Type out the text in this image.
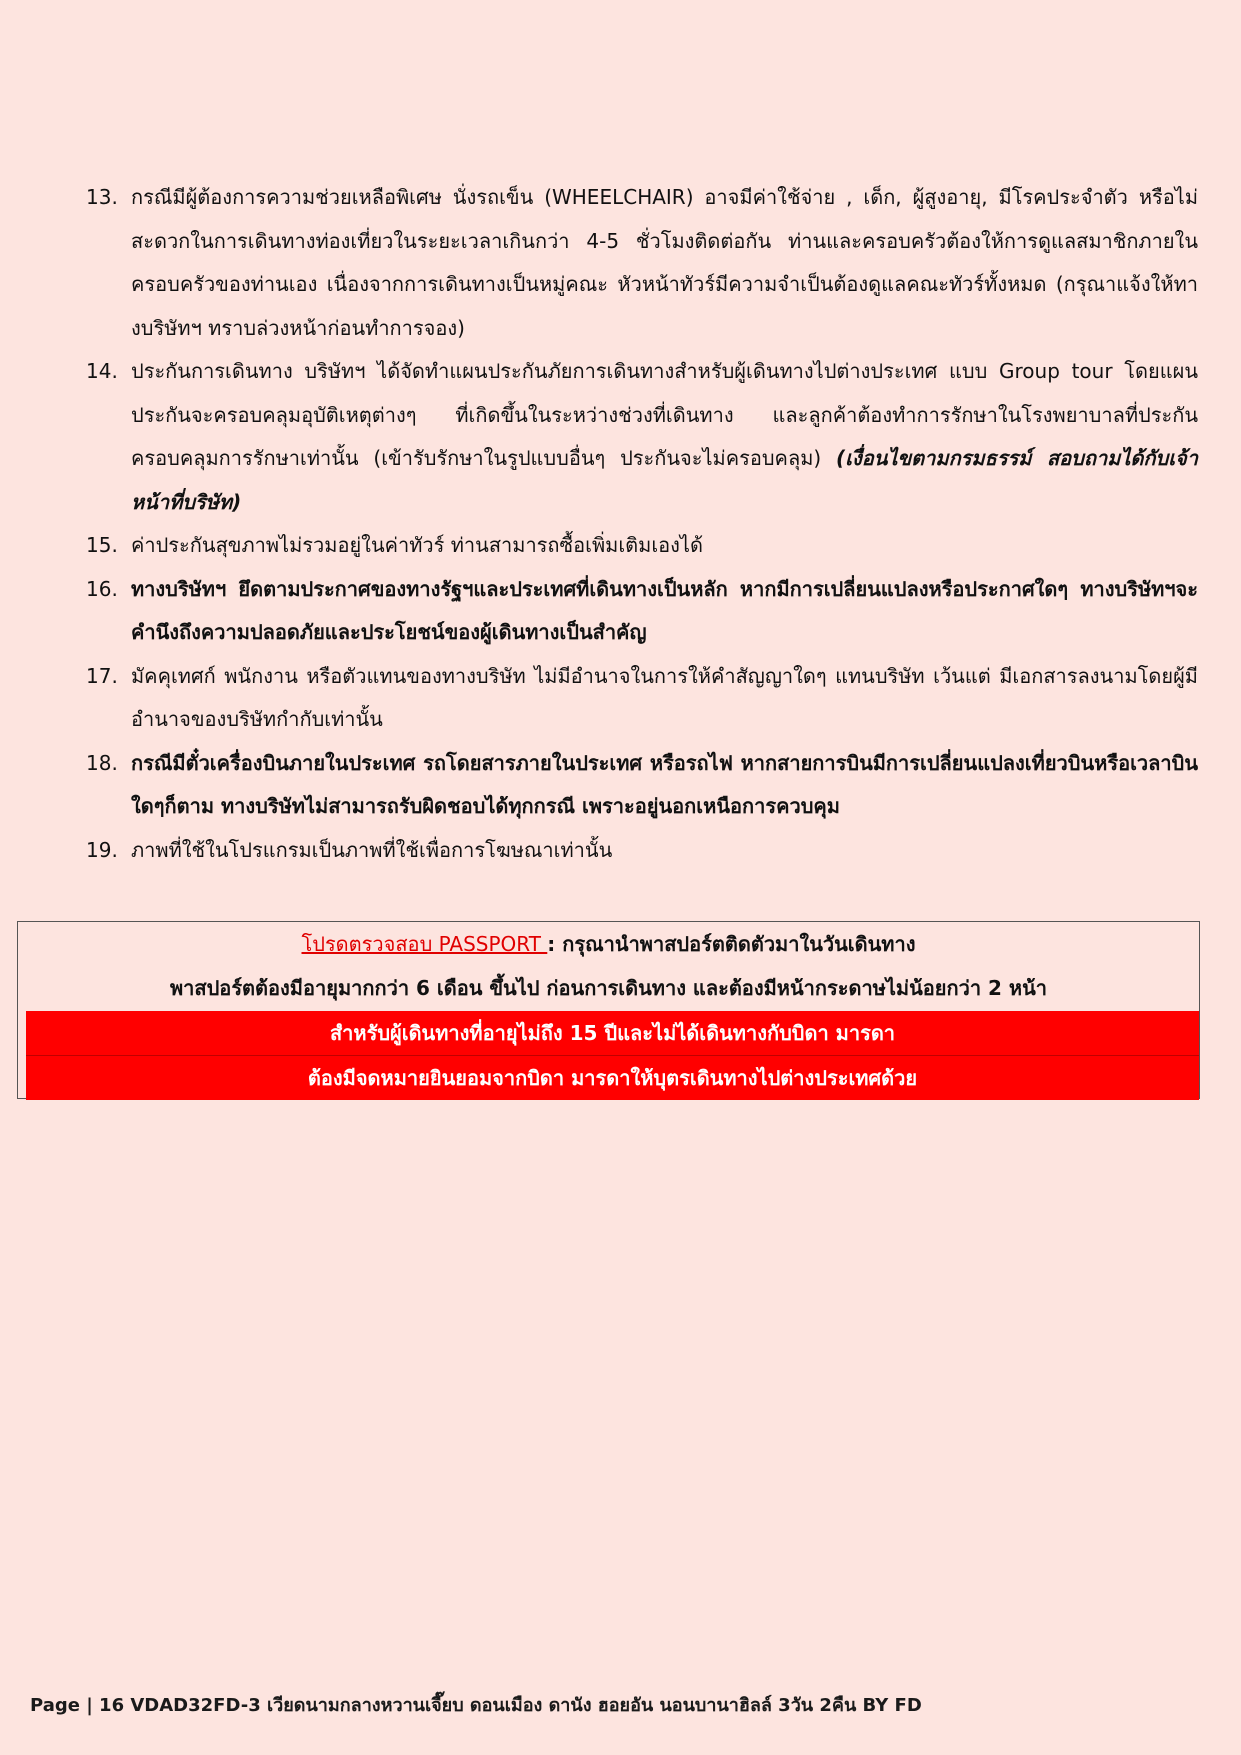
13. กรณีมีผู้ต้องการความช่วยเหลือพิเศษ นั่งรถเข็น (WHEELCHAIR) อาจมีค่าใช้จ่าย , เด็ก, ผู้สูงอายุ, มีโรคประจำตัว หรือไม่สะดวกในการเดินทางท่องเที่ยวในระยะเวลาเกินกว่า 4-5 ชั่วโมงติดต่อกัน ท่านและครอบครัวต้องให้การดูแลสมาชิกภายในครอบครัวของท่านเอง เนื่องจากการเดินทางเป็นหมู่คณะ หัวหน้าทัวร์มีความจำเป็นต้องดูแลคณะทัวร์ทั้งหมด (กรุณาแจ้งให้ทางบริษัทฯ ทราบล่วงหน้าก่อนทำการจอง)
14. ประกันการเดินทาง บริษัทฯ ได้จัดทำแผนประกันภัยการเดินทางสำหรับผู้เดินทางไปต่างประเทศ แบบ Group tour โดยแผนประกันจะครอบคลุมอุบัติเหตุต่างๆ ที่เกิดขึ้นในระหว่างช่วงที่เดินทาง และลูกค้าต้องทำการรักษาในโรงพยาบาลที่ประกันครอบคลุมการรักษาเท่านั้น (เข้ารับรักษาในรูปแบบอื่นๆ ประกันจะไม่ครอบคลุม) (เงื่อนไขตามกรมธรรม์ สอบถามได้กับเจ้าหน้าที่บริษัท)
15. ค่าประกันสุขภาพไม่รวมอยู่ในค่าทัวร์ ท่านสามารถซื้อเพิ่มเติมเองได้
16. ทางบริษัทฯ ยึดตามประกาศของทางรัฐฯและประเทศที่เดินทางเป็นหลัก หากมีการเปลี่ยนแปลงหรือประกาศใดๆ ทางบริษัทฯจะคำนึงถึงความปลอดภัยและประโยชน์ของผู้เดินทางเป็นสำคัญ
17. มัคคุเทศก์ พนักงาน หรือตัวแทนของทางบริษัท ไม่มีอำนาจในการให้คำสัญญาใดๆ แทนบริษัท เว้นแต่ มีเอกสารลงนามโดยผู้มีอำนาจของบริษัทกำกับเท่านั้น
18. กรณีมีตั๋วเครื่องบินภายในประเทศ รถโดยสารภายในประเทศ หรือรถไฟ หากสายการบินมีการเปลี่ยนแปลงเที่ยวบินหรือเวลาบินใดๆก็ตาม ทางบริษัทไม่สามารถรับผิดชอบได้ทุกกรณี เพราะอยู่นอกเหนือการควบคุม
19. ภาพที่ใช้ในโปรแกรมเป็นภาพที่ใช้เพื่อการโฆษณาเท่านั้น
โปรดตรวจสอบ PASSPORT : กรุณานำพาสปอร์ตติดตัวมาในวันเดินทาง
พาสปอร์ตต้องมีอายุมากกว่า 6 เดือน ขึ้นไป ก่อนการเดินทาง และต้องมีหน้ากระดาษไม่น้อยกว่า 2 หน้า
สำหรับผู้เดินทางที่อายุไม่ถึง 15 ปีและไม่ได้เดินทางกับบิดา มารดา
ต้องมีจดหมายยินยอมจากบิดา มารดาให้บุตรเดินทางไปต่างประเทศด้วย
Page | 16 VDAD32FD-3 เวียดนามกลางหวานเจี๊ยบ ดอนเมือง ดานัง ฮอยอัน นอนบานาฮิลล์ 3วัน 2คืน BY FD
